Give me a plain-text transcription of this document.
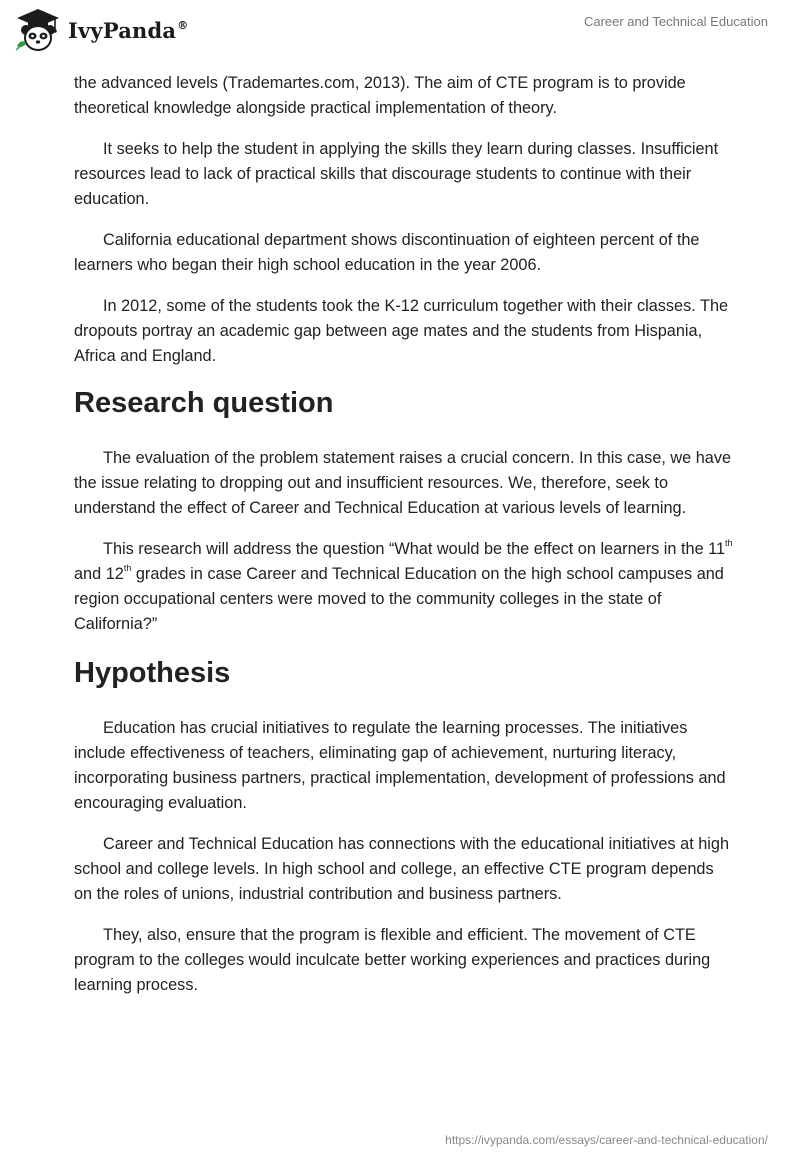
IvyPanda®	Career and Technical Education

the advanced levels (Trademartes.com, 2013). The aim of CTE program is to provide theoretical knowledge alongside practical implementation of theory.

It seeks to help the student in applying the skills they learn during classes. Insufficient resources lead to lack of practical skills that discourage students to continue with their education.

California educational department shows discontinuation of eighteen percent of the learners who began their high school education in the year 2006.

In 2012, some of the students took the K-12 curriculum together with their classes. The dropouts portray an academic gap between age mates and the students from Hispania, Africa and England.

Research question

The evaluation of the problem statement raises a crucial concern. In this case, we have the issue relating to dropping out and insufficient resources. We, therefore, seek to understand the effect of Career and Technical Education at various levels of learning.

This research will address the question “What would be the effect on learners in the 11th and 12th grades in case Career and Technical Education on the high school campuses and region occupational centers were moved to the community colleges in the state of California?”

Hypothesis

Education has crucial initiatives to regulate the learning processes. The initiatives include effectiveness of teachers, eliminating gap of achievement, nurturing literacy, incorporating business partners, practical implementation, development of professions and encouraging evaluation.

Career and Technical Education has connections with the educational initiatives at high school and college levels. In high school and college, an effective CTE program depends on the roles of unions, industrial contribution and business partners.

They, also, ensure that the program is flexible and efficient. The movement of CTE program to the colleges would inculcate better working experiences and practices during learning process.

https://ivypanda.com/essays/career-and-technical-education/
